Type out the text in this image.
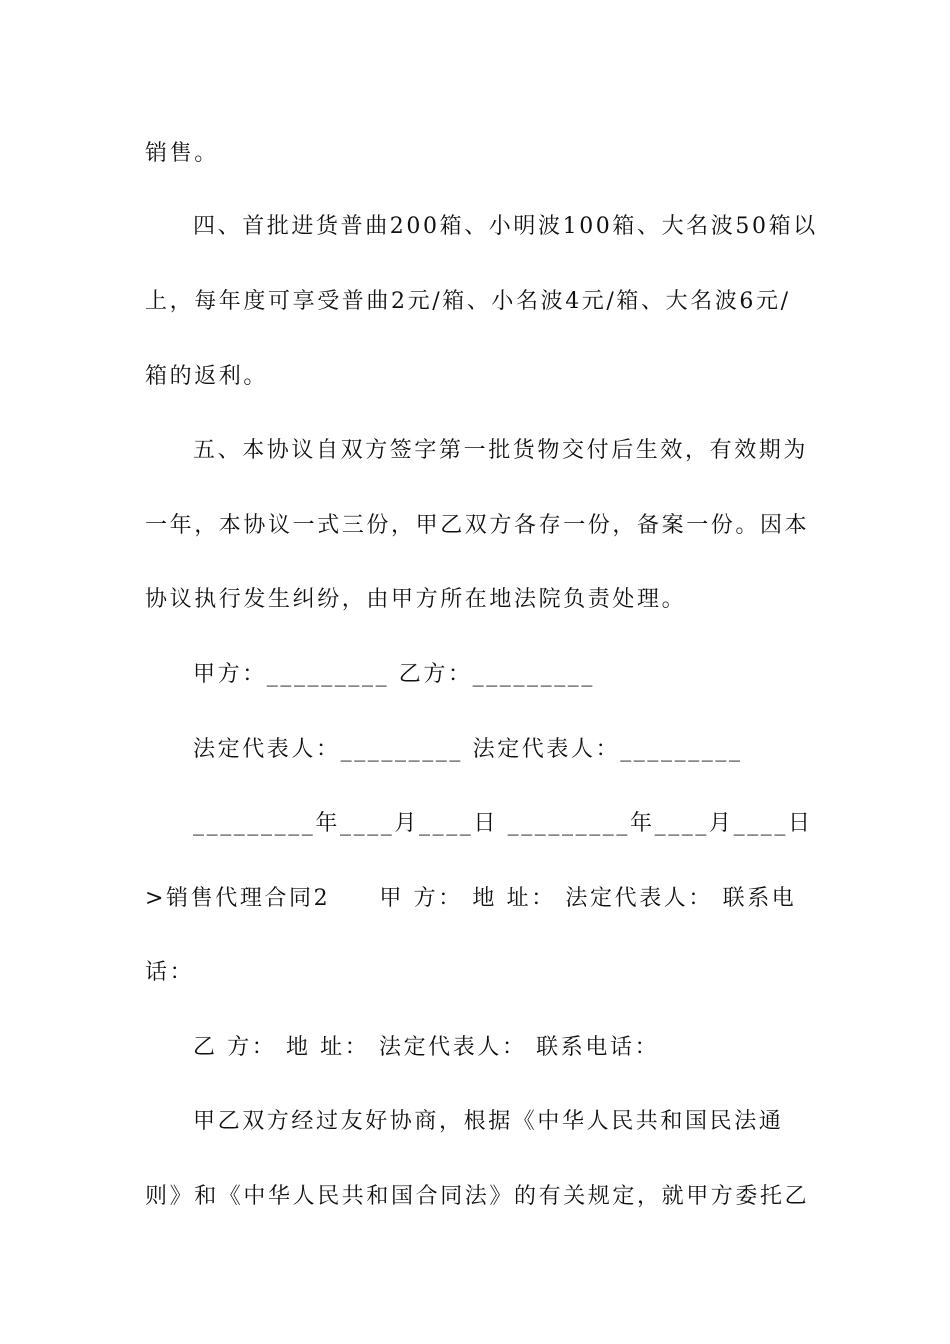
销售。
四、首批进货普曲200箱、小明波100箱、大名波50箱以
上，每年度可享受普曲2元/箱、小名波4元/箱、大名波6元/
箱的返利。
五、本协议自双方签字第一批货物交付后生效，有效期为
一年，本协议一式三份，甲乙双方各存一份，备案一份。因本
协议执行发生纠纷，由甲方所在地法院负责处理。
甲方：_________ 乙方：_________
法定代表人：_________ 法定代表人：_________
_________年____月____日 _________年____月____日
>销售代理合同2　　甲 方： 地 址： 法定代表人： 联系电
话：
乙 方： 地 址： 法定代表人： 联系电话：
甲乙双方经过友好协商，根据《中华人民共和国民法通
则》和《中华人民共和国合同法》的有关规定，就甲方委托乙
